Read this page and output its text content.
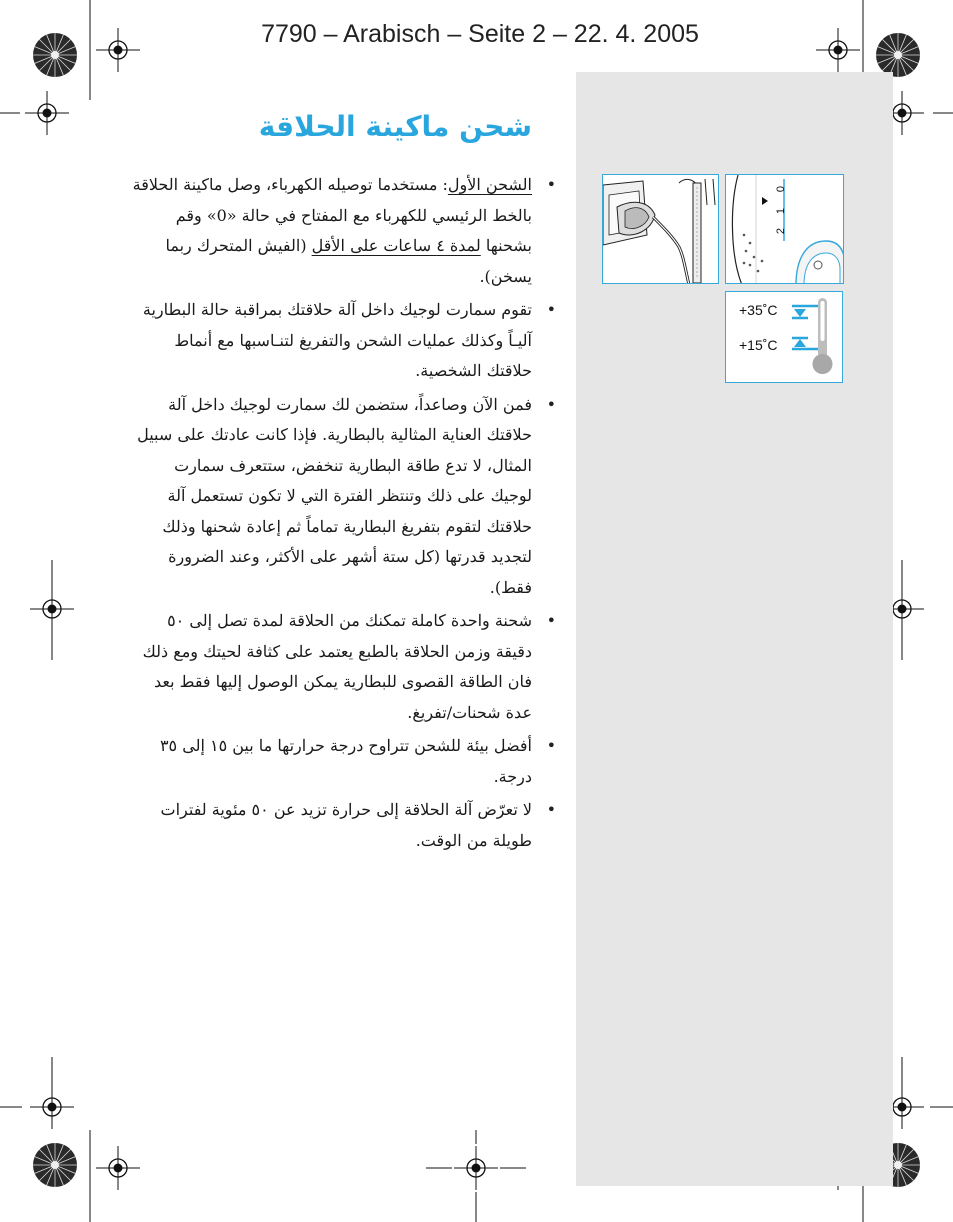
7790 – Arabisch – Seite 2 – 22. 4. 2005
شحن ماكينة الحلاقة
• الشحن الأول: مستخدما توصيله الكهرباء، وصل ماكينة الحلاقة بالخط الرئيسي للكهرباء مع المفتاح في حالة «0» وقم بشحنها لمدة ٤ ساعات على الأقل (الفيش المتحرك ربما يسخن).
• تقوم سمارت لوجيك داخل آلة حلاقتك بمراقبة حالة البطارية آليـاً وكذلك عمليات الشحن والتفريغ لتنـاسبها مع أنماط حلاقتك الشخصية.
• فمن الآن وصاعداً، ستضمن لك سمارت لوجيك داخل آلة حلاقتك العناية المثالية بالبطارية. فإذا كانت عادتك على سبيل المثال، لا تدع طاقة البطارية تنخفض، ستتعرف سمارت لوجيك على ذلك وتنتظر الفترة التي لا تكون تستعمل آلة حلاقتك لتقوم بتفريغ البطارية تماماً ثم إعادة شحنها وذلك لتجديد قدرتها (كل ستة أشهر على الأكثر، وعند الضرورة فقط).
• شحنة واحدة كاملة تمكنك من الحلاقة لمدة تصل إلى ٥٠ دقيقة وزمن الحلاقة بالطبع يعتمد على كثافة لحيتك ومع ذلك فان الطاقة القصوى للبطارية يمكن الوصول إليها فقط بعد عدة شحنات/تفريغ.
• أفضل بيئة للشحن تتراوح درجة حرارتها ما بين ١٥ إلى ٣٥ درجة.
• لا تعرّض آلة الحلاقة إلى حرارة تزيد عن ٥٠ مئوية لفترات طويلة من الوقت.
0
1
2
+35˚C
+15˚C
